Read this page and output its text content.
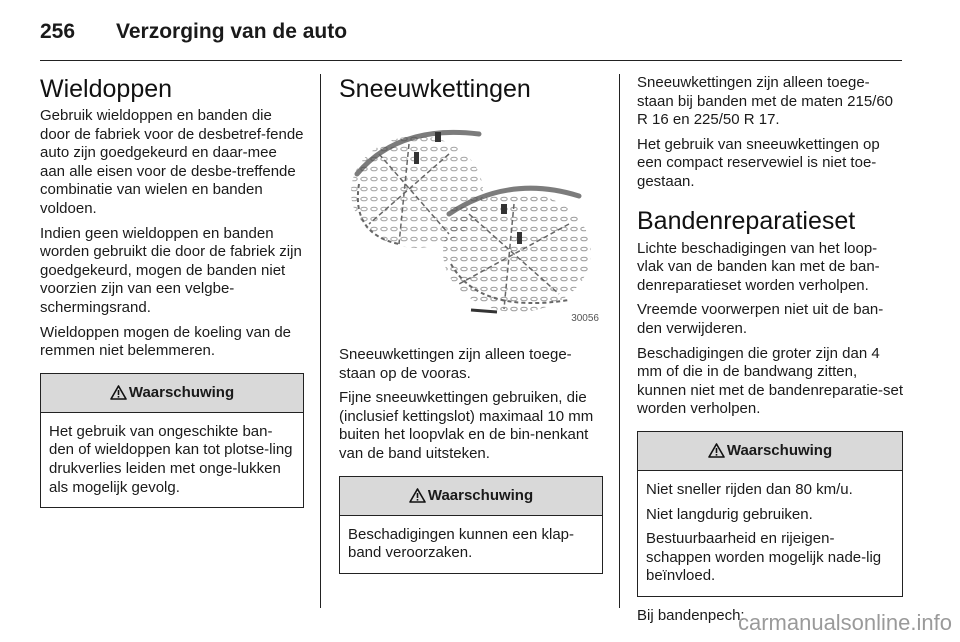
256 Verzorging van de auto
Wieldoppen

Gebruik wieldoppen en banden die door de fabriek voor de desbetref-fende auto zijn goedgekeurd en daar-mee aan alle eisen voor de desbe-treffende combinatie van wielen en banden voldoen.

Indien geen wieldoppen en banden worden gebruikt die door de fabriek zijn goedgekeurd, mogen de banden niet voorzien zijn van een velgbe-schermingsrand.

Wieldoppen mogen de koeling van de remmen niet belemmeren.

Waarschuwing

Het gebruik van ongeschikte ban-den of wieldoppen kan tot plotse-ling drukverlies leiden met onge-lukken als mogelijk gevolg.

Sneeuwkettingen
30056

Sneeuwkettingen zijn alleen toege-staan op de vooras.

Fijne sneeuwkettingen gebruiken, die (inclusief kettingslot) maximaal 10 mm buiten het loopvlak en de bin-nenkant van de band uitsteken.

Waarschuwing

Beschadigingen kunnen een klap-band veroorzaken.

Sneeuwkettingen zijn alleen toege-staan bij banden met de maten 215/60 R 16 en 225/50 R 17.

Het gebruik van sneeuwkettingen op een compact reservewiel is niet toe-gestaan.

Bandenreparatieset

Lichte beschadigingen van het loop-vlak van de banden kan met de ban-denreparatieset worden verholpen.

Vreemde voorwerpen niet uit de ban-den verwijderen.

Beschadigingen die groter zijn dan 4 mm of die in de bandwang zitten, kunnen niet met de bandenreparatie-set worden verholpen.

Waarschuwing

Niet sneller rijden dan 80 km/u.

Niet langdurig gebruiken.

Bestuurbaarheid en rijeigen-schappen worden mogelijk nade-lig beïnvloed.

Bij bandenpech:

carmanualsonline.info
